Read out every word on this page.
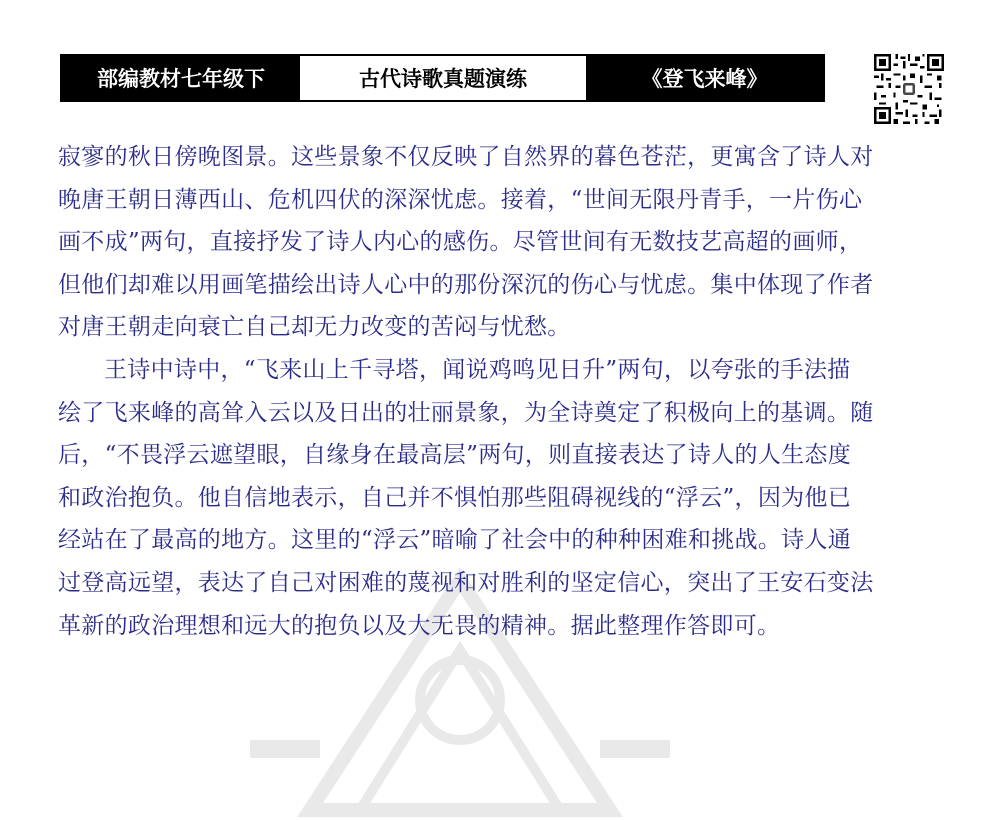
部编教材七年级下	古代诗歌真题演练	《登飞来峰》
寂寥的秋日傍晚图景。这些景象不仅反映了自然界的暮色苍茫，更寓含了诗人对
晚唐王朝日薄西山、危机四伏的深深忧虑。接着，“世间无限丹青手，一片伤心
画不成”两句，直接抒发了诗人内心的感伤。尽管世间有无数技艺高超的画师，
但他们却难以用画笔描绘出诗人心中的那份深沉的伤心与忧虑。集中体现了作者
对唐王朝走向衰亡自己却无力改变的苦闷与忧愁。
王诗中诗中，“飞来山上千寻塔，闻说鸡鸣见日升”两句，以夸张的手法描
绘了飞来峰的高耸入云以及日出的壮丽景象，为全诗奠定了积极向上的基调。随
后，“不畏浮云遮望眼，自缘身在最高层”两句，则直接表达了诗人的人生态度
和政治抱负。他自信地表示，自己并不惧怕那些阻碍视线的“浮云”，因为他已
经站在了最高的地方。这里的“浮云”暗喻了社会中的种种困难和挑战。诗人通
过登高远望，表达了自己对困难的蔑视和对胜利的坚定信心，突出了王安石变法
革新的政治理想和远大的抱负以及大无畏的精神。据此整理作答即可。
